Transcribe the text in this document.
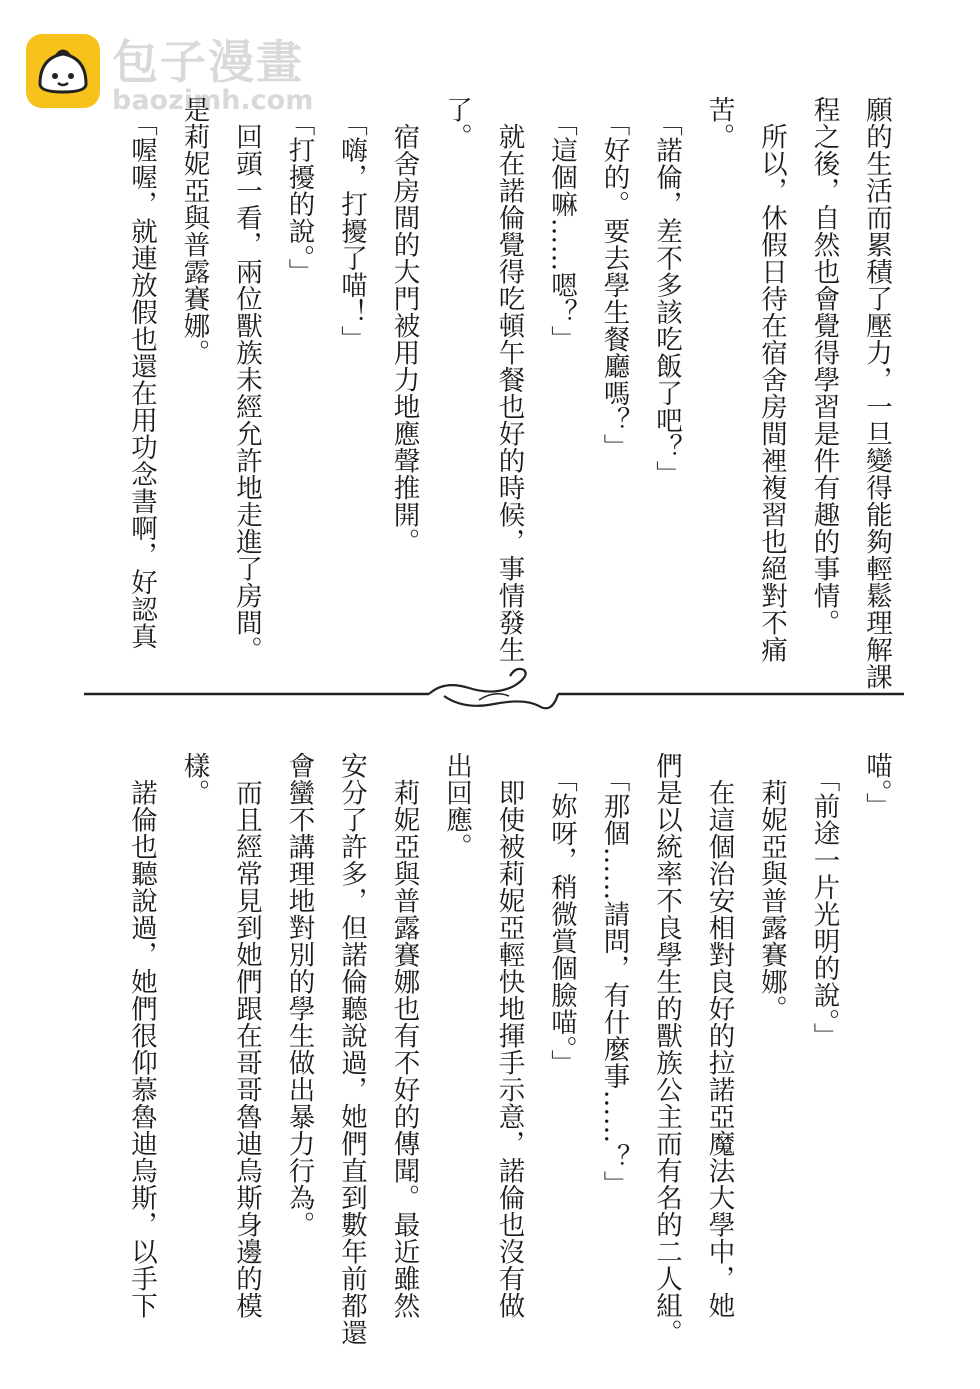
包子漫畫
baozimh.com	願的生活而累積了壓力，一旦變得能夠輕鬆理解課
程之後，自然也會覺得學習是件有趣的事情。
　所以，休假日待在宿舍房間裡複習也絕對不痛
苦。
　「諾倫，差不多該吃飯了吧？」
　「好的。要去學生餐廳嗎？」
　「這個嘛……嗯？」
　就在諾倫覺得吃頓午餐也好的時候，事情發生
了。
　宿舍房間的大門被用力地應聲推開。
　「嗨，打擾了喵！」
　「打擾的說。」
　回頭一看，兩位獸族未經允許地走進了房間。
是莉妮亞與普露賽娜。
　「喔喔，就連放假也還在用功念書啊，好認真
喵。」
　「前途一片光明的說。」
　莉妮亞與普露賽娜。
　在這個治安相對良好的拉諾亞魔法大學中，她
們是以統率不良學生的獸族公主而有名的二人組。
　「那個……請問，有什麼事……？」
　「妳呀，稍微賞個臉喵。」
　即使被莉妮亞輕快地揮手示意，諾倫也沒有做
出回應。
　莉妮亞與普露賽娜也有不好的傳聞。最近雖然
安分了許多，但諾倫聽說過，她們直到數年前都還
會蠻不講理地對別的學生做出暴力行為。
　而且經常見到她們跟在哥哥魯迪烏斯身邊的模
樣。
　諾倫也聽說過，她們很仰慕魯迪烏斯，以手下
